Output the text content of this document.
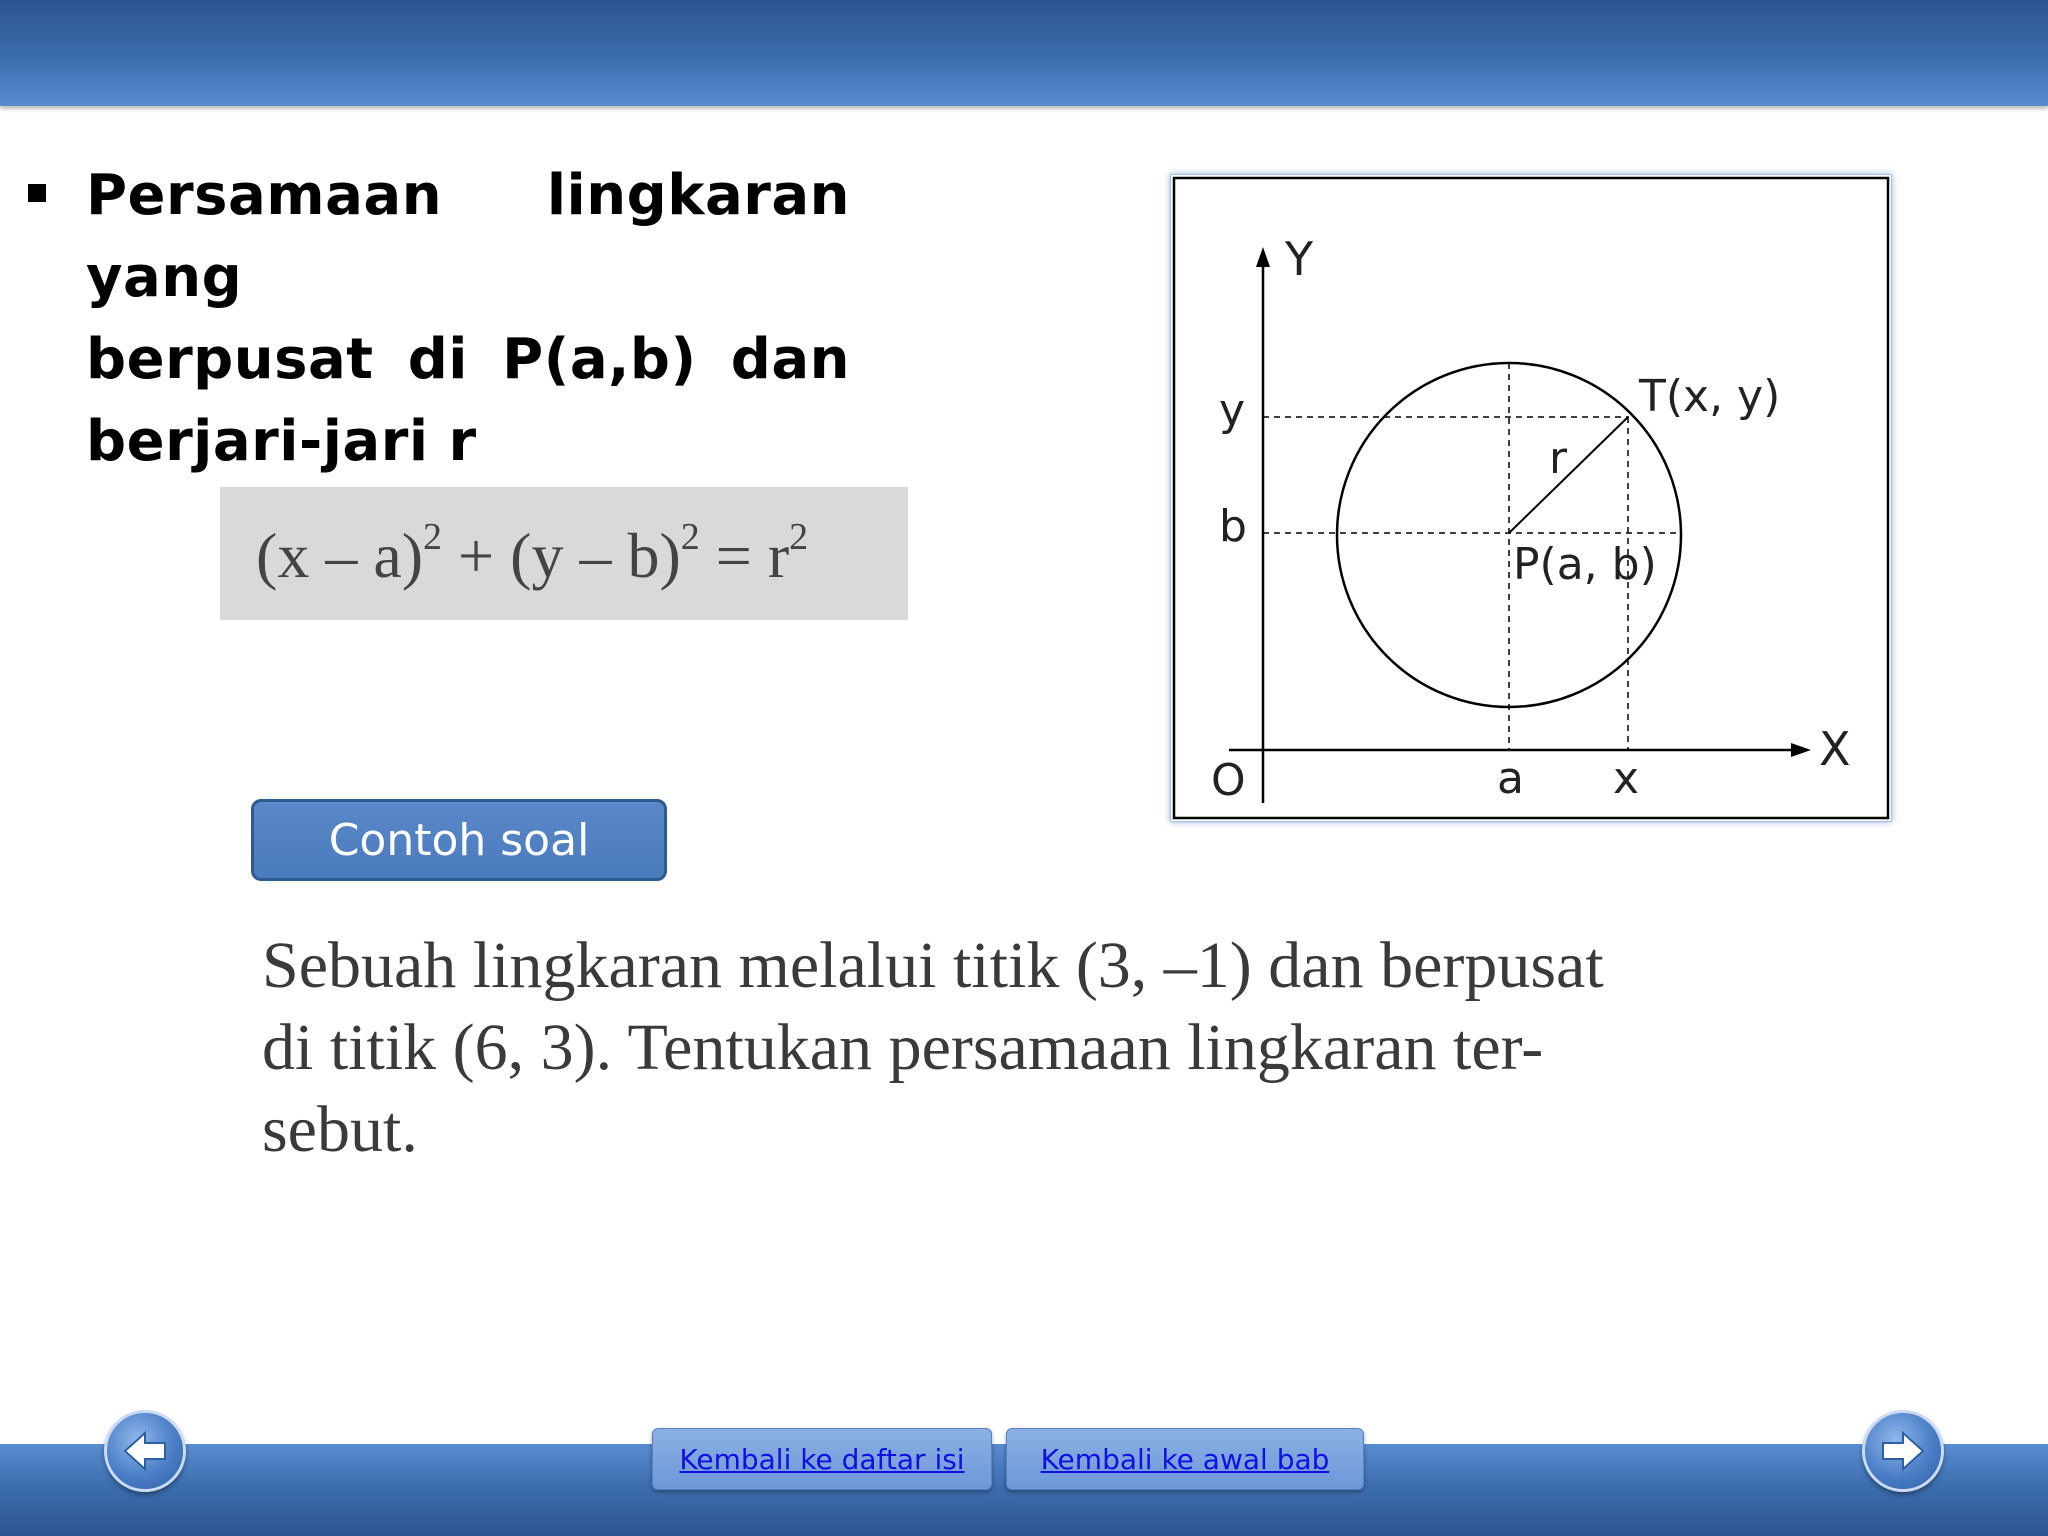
Persamaan lingkaran yang
berpusat di P(a,b) dan
berjari-jari r
$(x - a)^2 + (y - b)^2 = r^2$
Y
X
O
y
b
a x
r
P(a, b)
T(x, y)
Contoh soal
Sebuah lingkaran melalui titik (3, –1) dan berpusat
di titik (6, 3). Tentukan persamaan lingkaran ter-
sebut.
Kembali ke daftar isi	Kembali ke awal bab
